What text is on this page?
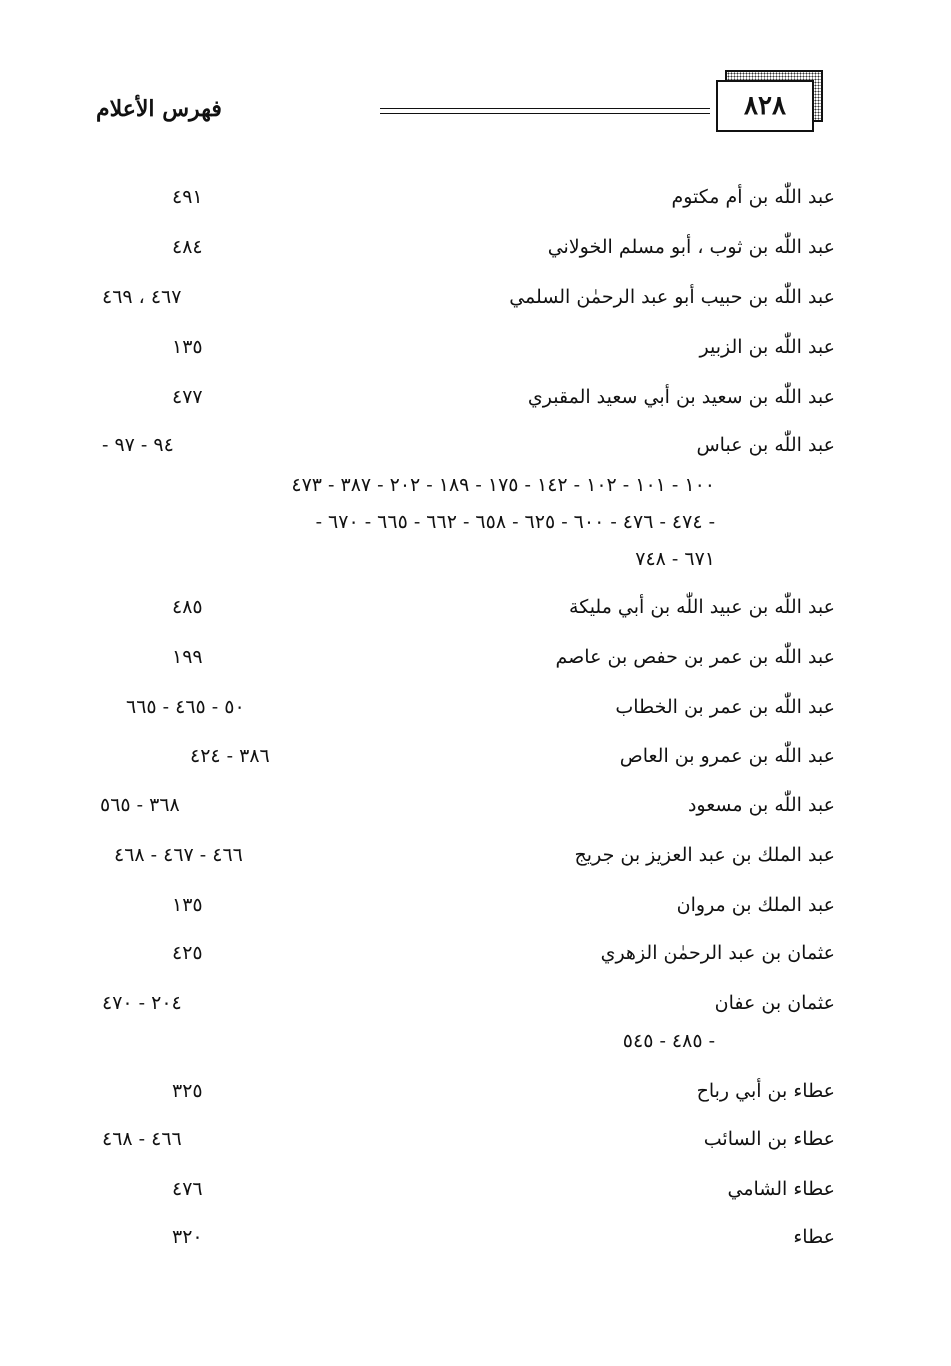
٨٢٨
فهرس الأعلام
عبد اللّٰه بن أم مكتوم
٤٩١
عبد اللّٰه بن ثوب ، أبو مسلم الخولاني
٤٨٤
عبد اللّٰه بن حبيب أبو عبد الرحمٰن السلمي
٤٦٧ ، ٤٦٩
عبد اللّٰه بن الزبير
١٣٥
عبد اللّٰه بن سعيد بن أبي سعيد المقبري
٤٧٧
عبد اللّٰه بن عباس
٩٤ - ٩٧ -
١٠٠ - ١٠١ - ١٠٢ - ١٤٢ - ١٧٥ - ١٨٩ - ٢٠٢ - ٣٨٧ - ٤٧٣
- ٤٧٤ - ٤٧٦ - ٦٠٠ - ٦٢٥ - ٦٥٨ - ٦٦٢ - ٦٦٥ - ٦٧٠ -
٦٧١ - ٧٤٨
عبد اللّٰه بن عبيد اللّٰه بن أبي مليكة
٤٨٥
عبد اللّٰه بن عمر بن حفص بن عاصم
١٩٩
عبد اللّٰه بن عمر بن الخطاب
٥٠ - ٤٦٥ - ٦٦٥
عبد اللّٰه بن عمرو بن العاص
٣٨٦ - ٤٢٤
عبد اللّٰه بن مسعود
٣٦٨ - ٥٦٥
عبد الملك بن عبد العزيز بن جريج
٤٦٦ - ٤٦٧ - ٤٦٨
عبد الملك بن مروان
١٣٥
عثمان بن عبد الرحمٰن الزهري
٤٢٥
عثمان بن عفان
٢٠٤ - ٤٧٠
- ٤٨٥ - ٥٤٥
عطاء بن أبي رباح
٣٢٥
عطاء بن السائب
٤٦٦ - ٤٦٨
عطاء الشامي
٤٧٦
عطاء
٣٢٠
